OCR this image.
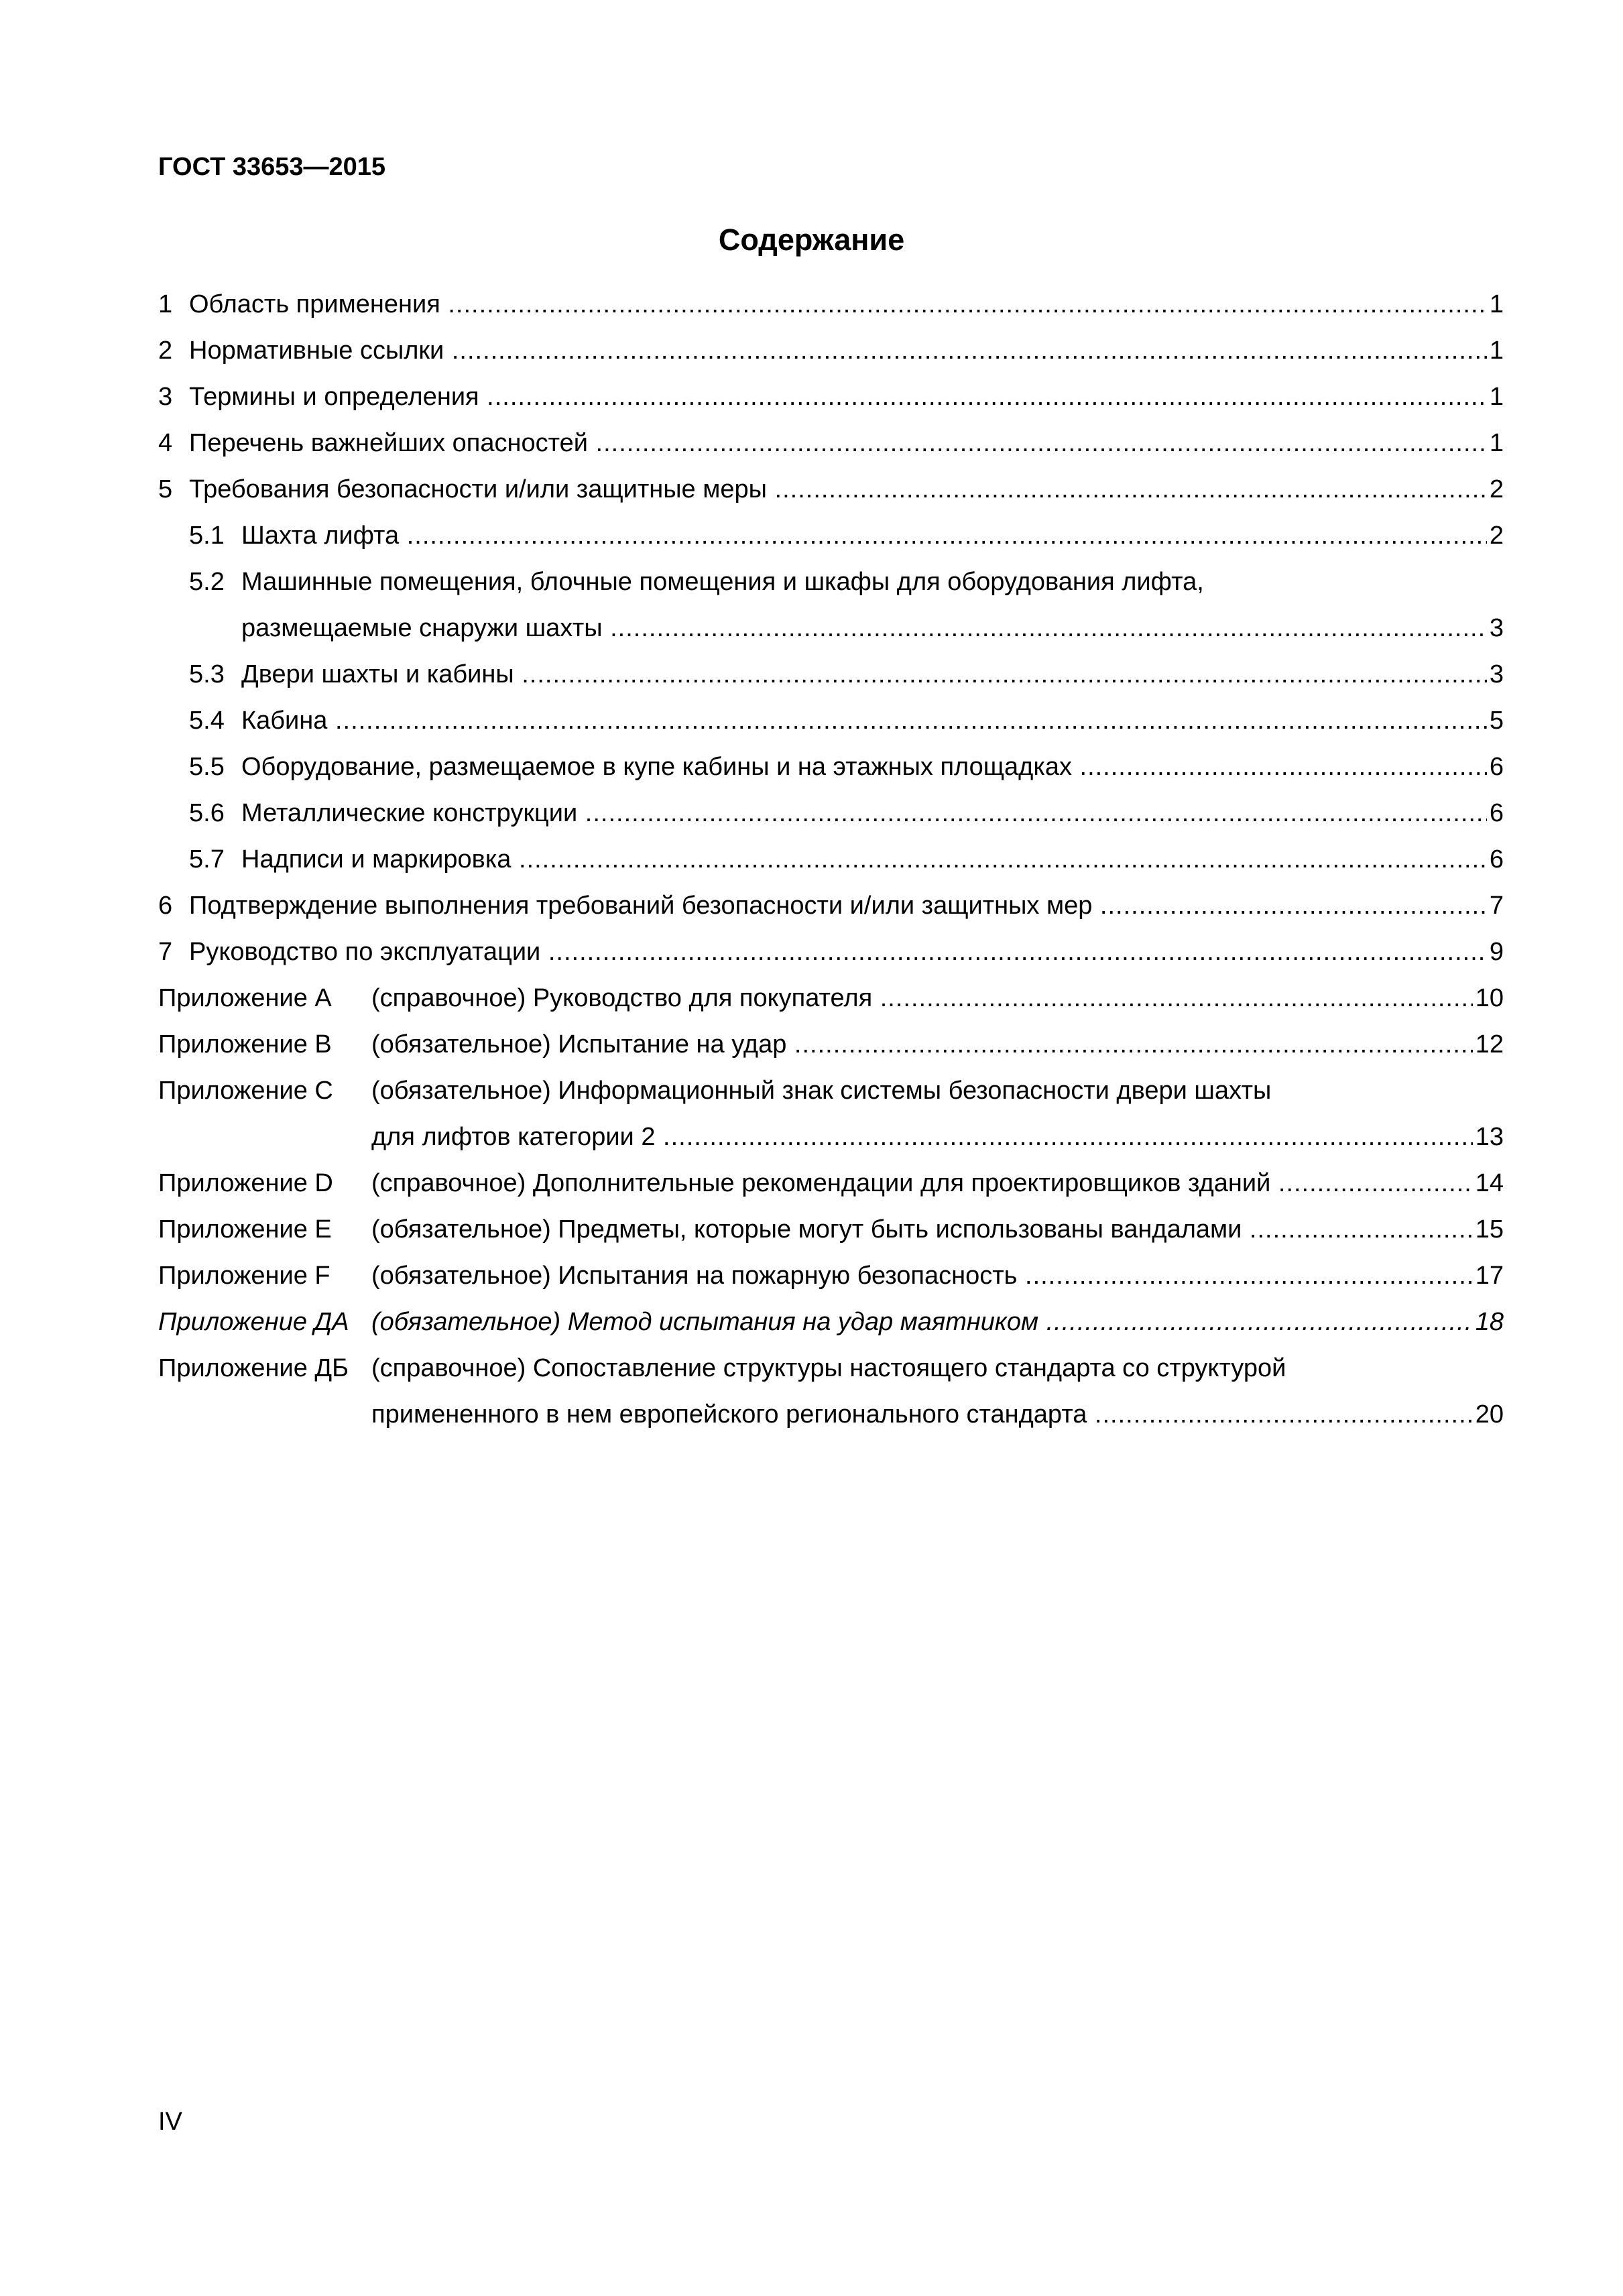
ГОСТ 33653—2015
Содержание
1 Область применения .....	1
2 Нормативные ссылки .....	1
3 Термины и определения .....	1
4 Перечень важнейших опасностей .....	1
5 Требования безопасности и/или защитные меры .....	2
5.1 Шахта лифта .....	2
5.2 Машинные помещения, блочные помещения и шкафы для оборудования лифта,
размещаемые снаружи шахты .....	3
5.3 Двери шахты и кабины .....	3
5.4 Кабина .....	5
5.5 Оборудование, размещаемое в купе кабины и на этажных площадках .....	6
5.6 Металлические конструкции .....	6
5.7 Надписи и маркировка .....	6
6 Подтверждение выполнения требований безопасности и/или защитных мер .....	7
7 Руководство по эксплуатации .....	9
Приложение А	(справочное) Руководство для покупателя .....	10
Приложение В	(обязательное) Испытание на удар .....	12
Приложение С	(обязательное) Информационный знак системы безопасности двери шахты
для лифтов категории 2 .....	13
Приложение D	(справочное) Дополнительные рекомендации для проектировщиков зданий .....	14
Приложение Е	(обязательное) Предметы, которые могут быть использованы вандалами .....	15
Приложение F	(обязательное) Испытания на пожарную безопасность .....	17
Приложение ДА (обязательное) Метод испытания на удар маятником .....	18
Приложение ДБ (справочное) Сопоставление структуры настоящего стандарта со структурой
примененного в нем европейского регионального стандарта .....	20
IV
